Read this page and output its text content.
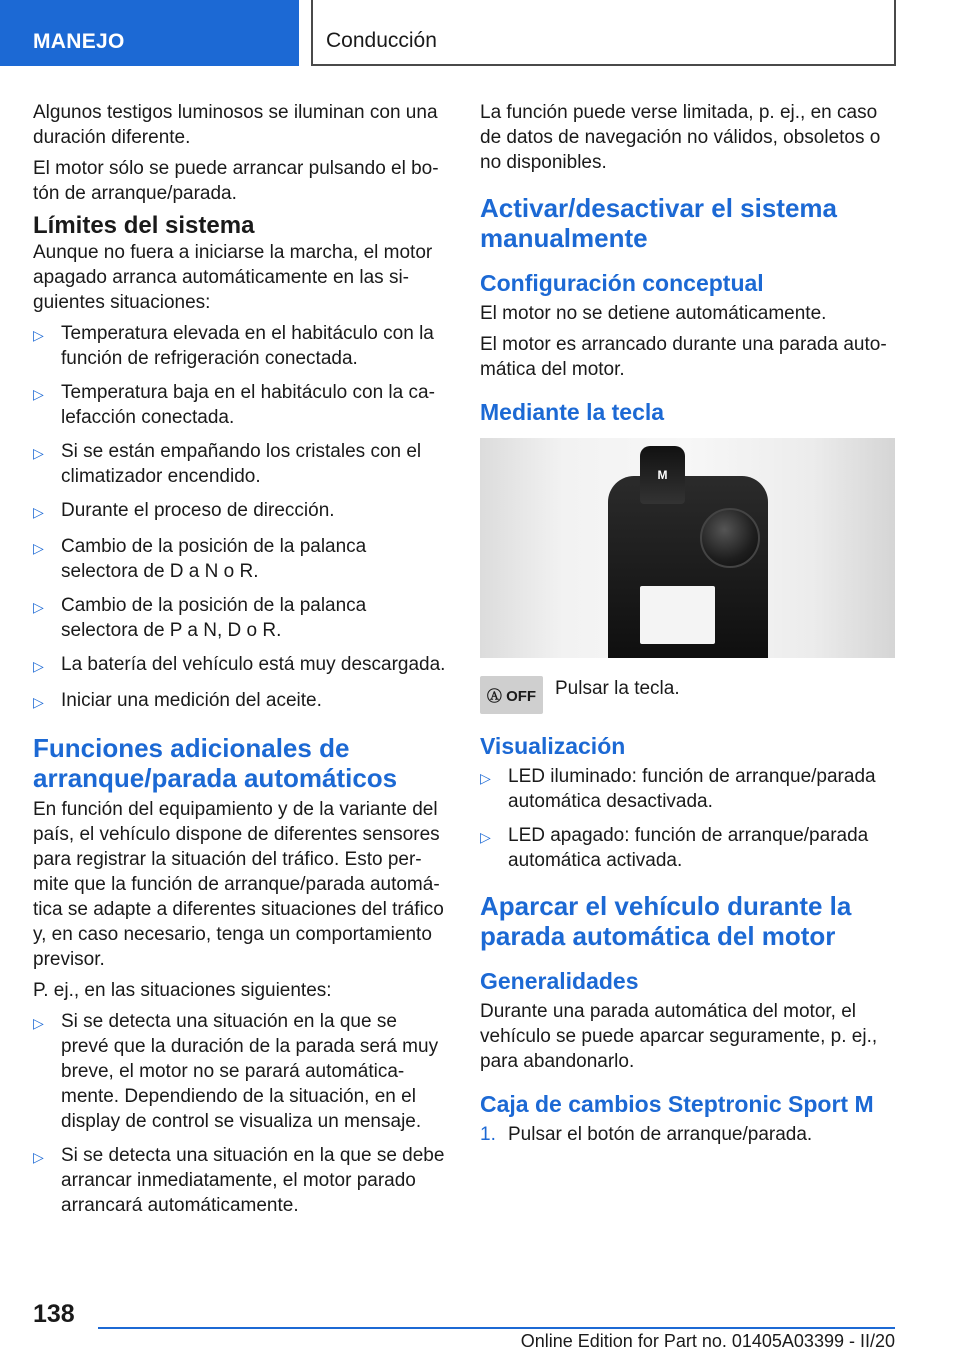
MANEJO	Conducción

Algunos testigos luminosos se iluminan con una duración diferente.

El motor sólo se puede arrancar pulsando el bo-tón de arranque/parada.

Límites del sistema

Aunque no fuera a iniciarse la marcha, el motor apagado arranca automáticamente en las si-guientes situaciones:

▷ Temperatura elevada en el habitáculo con la función de refrigeración conectada.
▷ Temperatura baja en el habitáculo con la ca-lefacción conectada.
▷ Si se están empañando los cristales con el climatizador encendido.
▷ Durante el proceso de dirección.
▷ Cambio de la posición de la palanca selectora de D a N o R.
▷ Cambio de la posición de la palanca selectora de P a N, D o R.
▷ La batería del vehículo está muy descargada.
▷ Iniciar una medición del aceite.
Funciones adicionales de arranque/parada automáticos

En función del equipamiento y de la variante del país, el vehículo dispone de diferentes sensores para registrar la situación del tráfico. Esto per-mite que la función de arranque/parada automá-tica se adapte a diferentes situaciones del tráfico y, en caso necesario, tenga un comportamiento previsor.

P. ej., en las situaciones siguientes:

▷ Si se detecta una situación en la que se prevé que la duración de la parada será muy breve, el motor no se parará automática-mente. Dependiendo de la situación, en el display de control se visualiza un mensaje.
▷ Si se detecta una situación en la que se debe arrancar inmediatamente, el motor parado arrancará automáticamente.

La función puede verse limitada, p. ej., en caso de datos de navegación no válidos, obsoletos o no disponibles.

Activar/desactivar el sistema manualmente
Configuración conceptual

El motor no se detiene automáticamente.

El motor es arrancado durante una parada auto-mática del motor.

Mediante la tecla
M
Ⓐ OFF Pulsar la tecla.

Visualización
▷ LED iluminado: función de arranque/parada automática desactivada.
▷ LED apagado: función de arranque/parada automática activada.
Aparcar el vehículo durante la parada automática del motor
Generalidades

Durante una parada automática del motor, el vehículo se puede aparcar seguramente, p. ej., para abandonarlo.

Caja de cambios Steptronic Sport M
1. Pulsar el botón de arranque/parada.
138
Online Edition for Part no. 01405A03399 - II/20
